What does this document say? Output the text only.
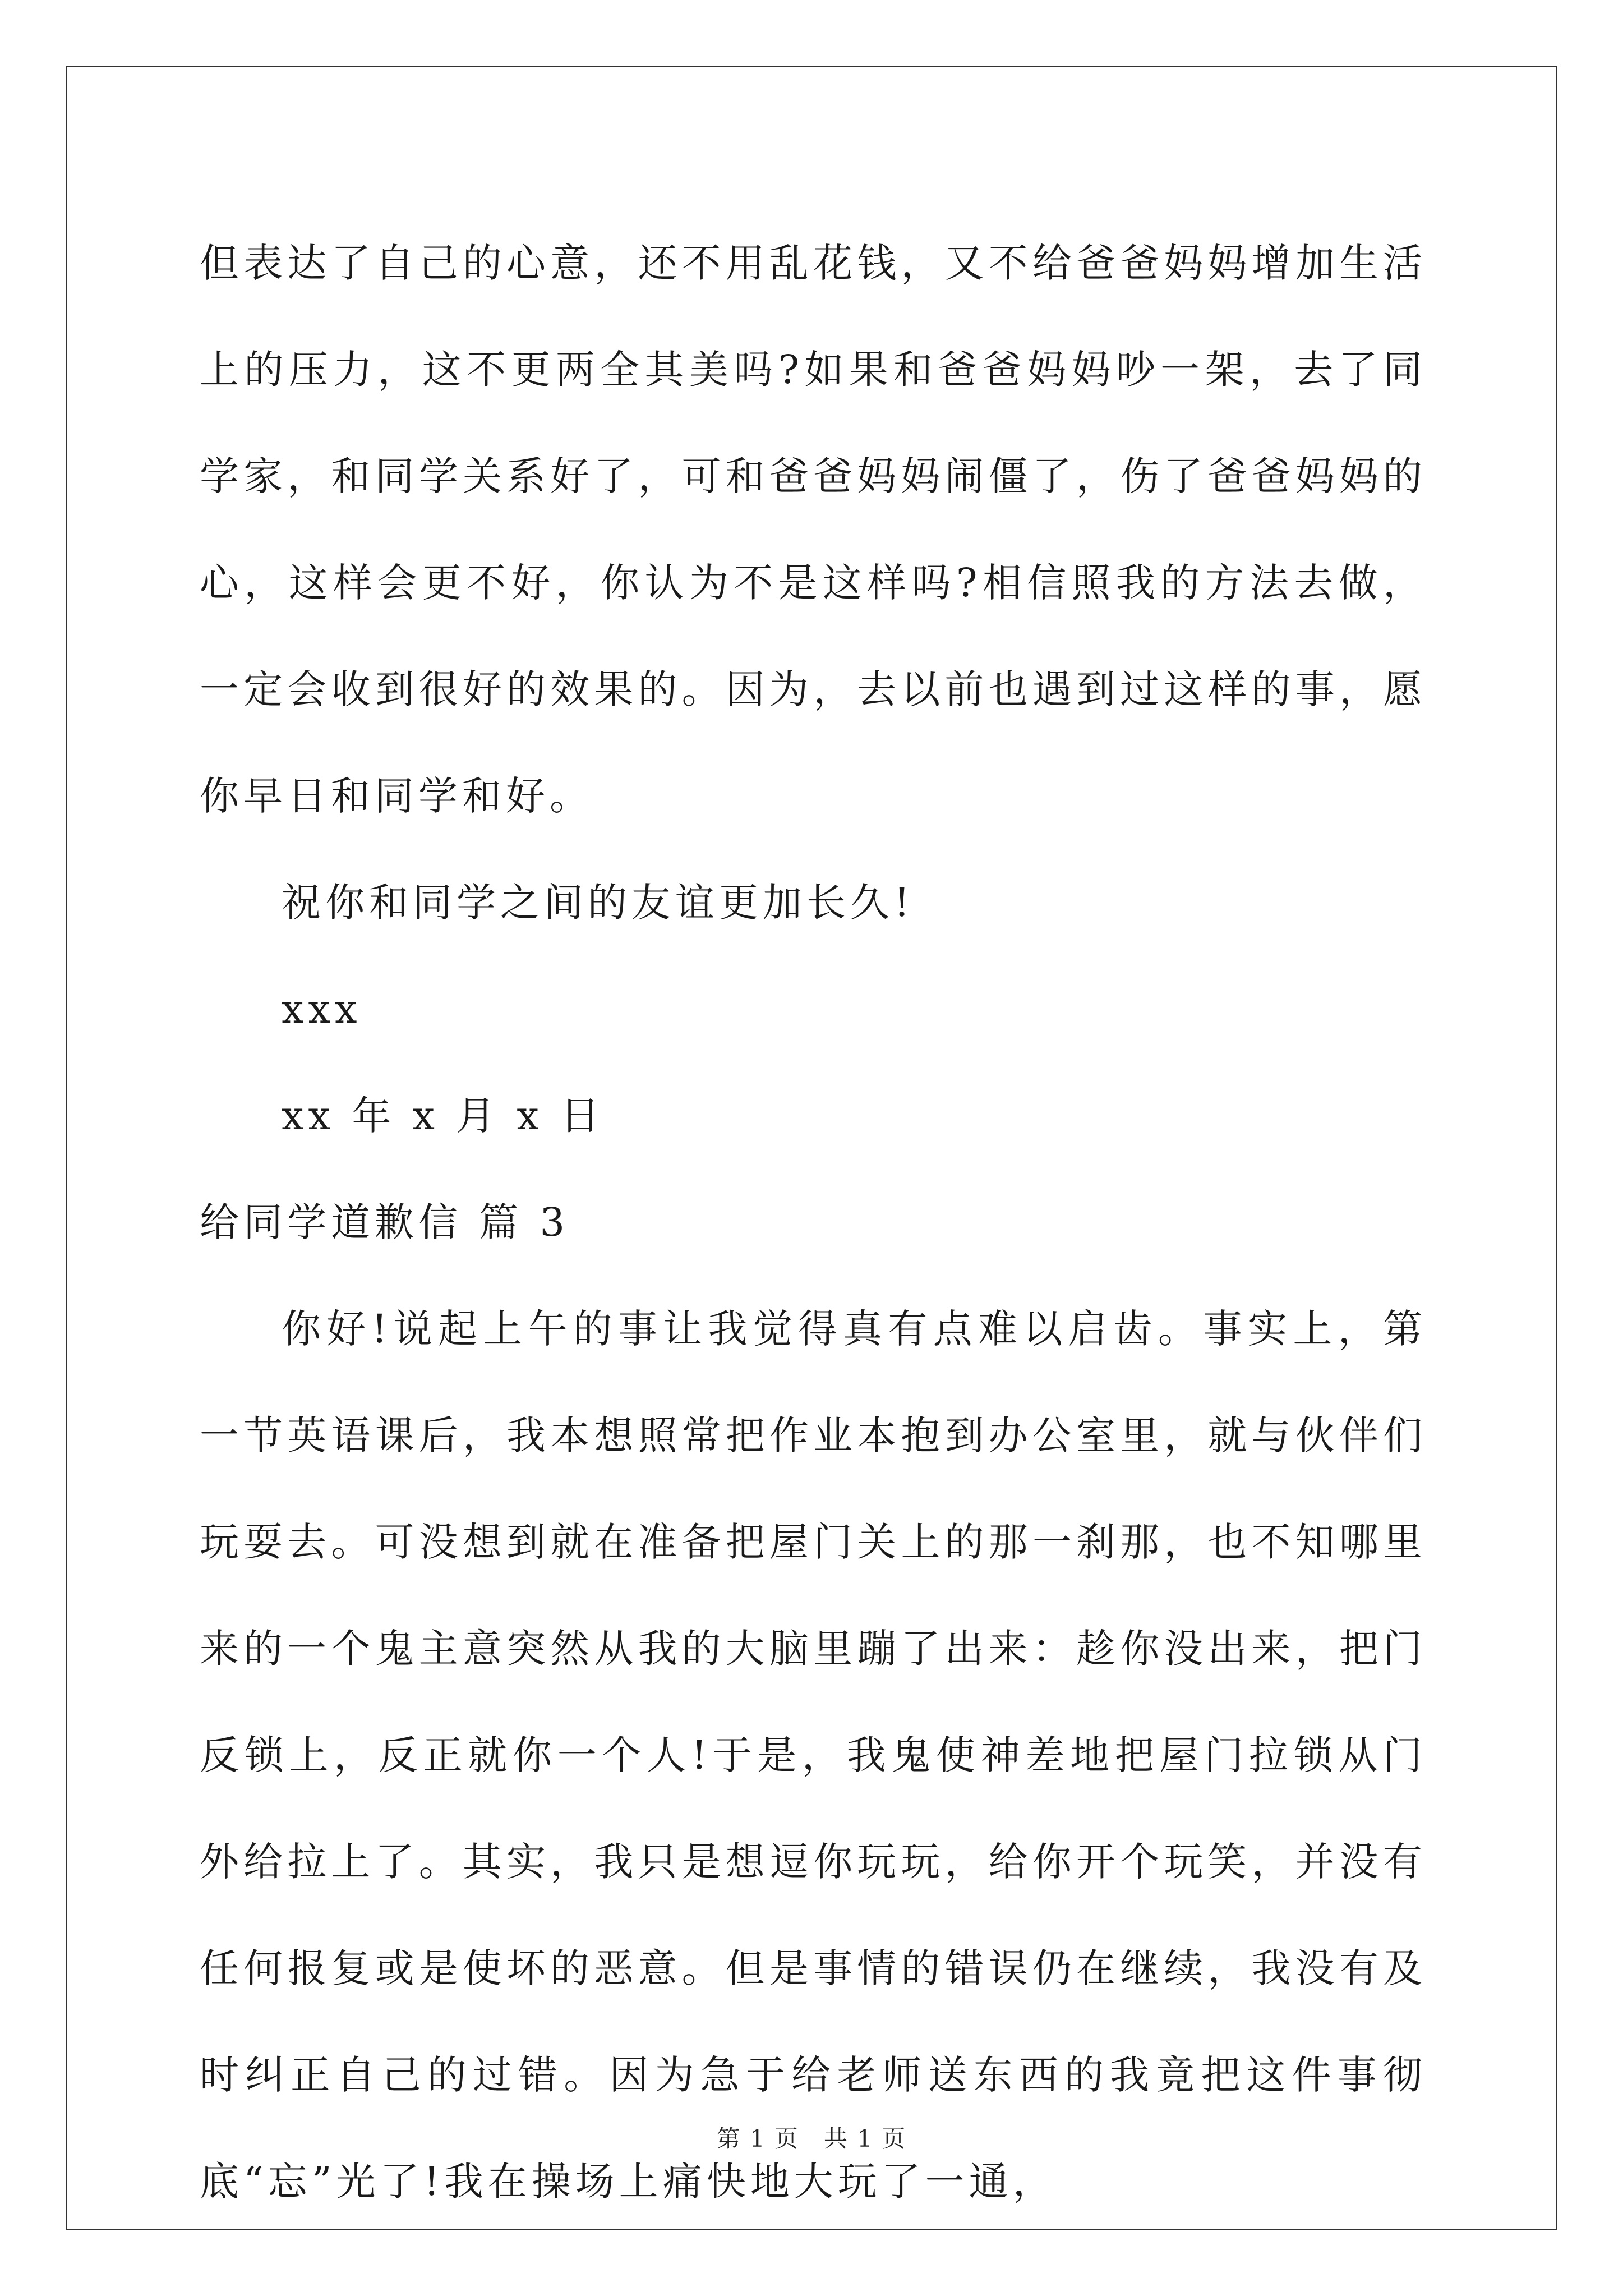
但表达了自己的心意，还不用乱花钱，又不给爸爸妈妈增加生活上的压力，这不更两全其美吗?如果和爸爸妈妈吵一架，去了同学家，和同学关系好了，可和爸爸妈妈闹僵了，伤了爸爸妈妈的心，这样会更不好，你认为不是这样吗?相信照我的方法去做，一定会收到很好的效果的。因为，去以前也遇到过这样的事，愿你早日和同学和好。

祝你和同学之间的友谊更加长久!

xxx

xx 年 x 月 x 日

给同学道歉信 篇 3

你好!说起上午的事让我觉得真有点难以启齿。事实上，第一节英语课后，我本想照常把作业本抱到办公室里，就与伙伴们玩耍去。可没想到就在准备把屋门关上的那一刹那，也不知哪里来的一个鬼主意突然从我的大脑里蹦了出来：趁你没出来，把门反锁上，反正就你一个人!于是，我鬼使神差地把屋门拉锁从门外给拉上了。其实，我只是想逗你玩玩，给你开个玩笑，并没有任何报复或是使坏的恶意。但是事情的错误仍在继续，我没有及时纠正自己的过错。因为急于给老师送东西的我竟把这件事彻底“忘”光了!我在操场上痛快地大玩了一通，

第 1 页　共 1 页
